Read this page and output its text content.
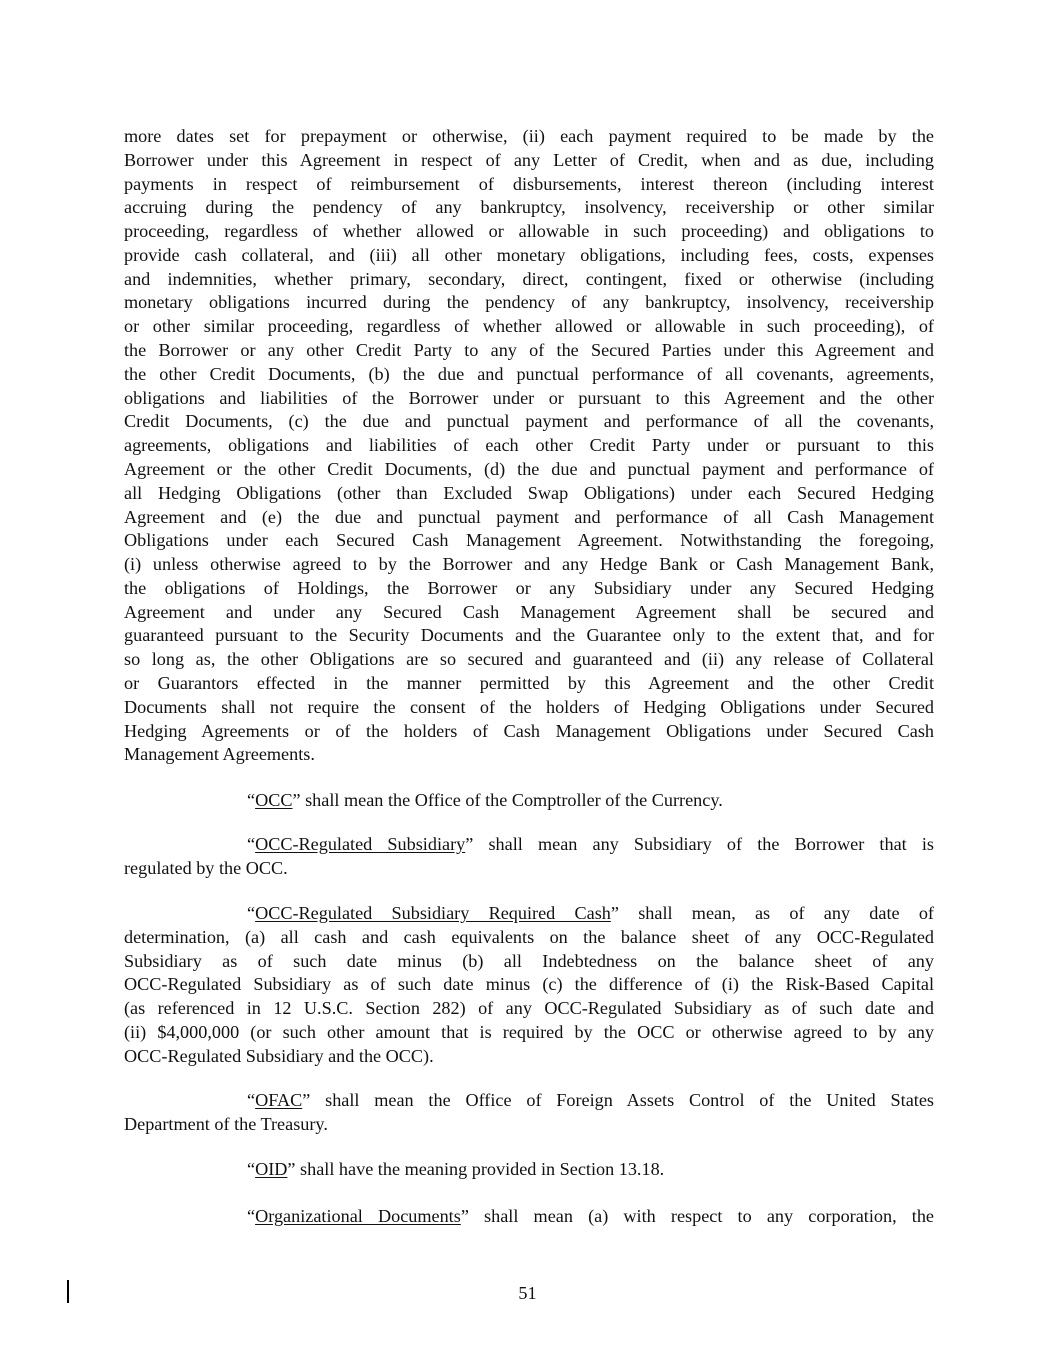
more dates set for prepayment or otherwise, (ii) each payment required to be made by the
Borrower under this Agreement in respect of any Letter of Credit, when and as due, including
payments in respect of reimbursement of disbursements, interest thereon (including interest
accruing during the pendency of any bankruptcy, insolvency, receivership or other similar
proceeding, regardless of whether allowed or allowable in such proceeding) and obligations to
provide cash collateral, and (iii) all other monetary obligations, including fees, costs, expenses
and indemnities, whether primary, secondary, direct, contingent, fixed or otherwise (including
monetary obligations incurred during the pendency of any bankruptcy, insolvency, receivership
or other similar proceeding, regardless of whether allowed or allowable in such proceeding), of
the Borrower or any other Credit Party to any of the Secured Parties under this Agreement and
the other Credit Documents, (b) the due and punctual performance of all covenants, agreements,
obligations and liabilities of the Borrower under or pursuant to this Agreement and the other
Credit Documents, (c) the due and punctual payment and performance of all the covenants,
agreements, obligations and liabilities of each other Credit Party under or pursuant to this
Agreement or the other Credit Documents, (d) the due and punctual payment and performance of
all Hedging Obligations (other than Excluded Swap Obligations) under each Secured Hedging
Agreement and (e) the due and punctual payment and performance of all Cash Management
Obligations under each Secured Cash Management Agreement. Notwithstanding the foregoing,
(i) unless otherwise agreed to by the Borrower and any Hedge Bank or Cash Management Bank,
the obligations of Holdings, the Borrower or any Subsidiary under any Secured Hedging
Agreement and under any Secured Cash Management Agreement shall be secured and
guaranteed pursuant to the Security Documents and the Guarantee only to the extent that, and for
so long as, the other Obligations are so secured and guaranteed and (ii) any release of Collateral
or Guarantors effected in the manner permitted by this Agreement and the other Credit
Documents shall not require the consent of the holders of Hedging Obligations under Secured
Hedging Agreements or of the holders of Cash Management Obligations under Secured Cash
Management Agreements.
“OCC” shall mean the Office of the Comptroller of the Currency.
“OCC-Regulated Subsidiary” shall mean any Subsidiary of the Borrower that is
regulated by the OCC.
“OCC-Regulated Subsidiary Required Cash” shall mean, as of any date of
determination, (a) all cash and cash equivalents on the balance sheet of any OCC-Regulated
Subsidiary as of such date minus (b) all Indebtedness on the balance sheet of any
OCC-Regulated Subsidiary as of such date minus (c) the difference of (i) the Risk-Based Capital
(as referenced in 12 U.S.C. Section 282) of any OCC-Regulated Subsidiary as of such date and
(ii) $4,000,000 (or such other amount that is required by the OCC or otherwise agreed to by any
OCC-Regulated Subsidiary and the OCC).
“OFAC” shall mean the Office of Foreign Assets Control of the United States
Department of the Treasury.
“OID” shall have the meaning provided in Section 13.18.
“Organizational Documents” shall mean (a) with respect to any corporation, the
51
